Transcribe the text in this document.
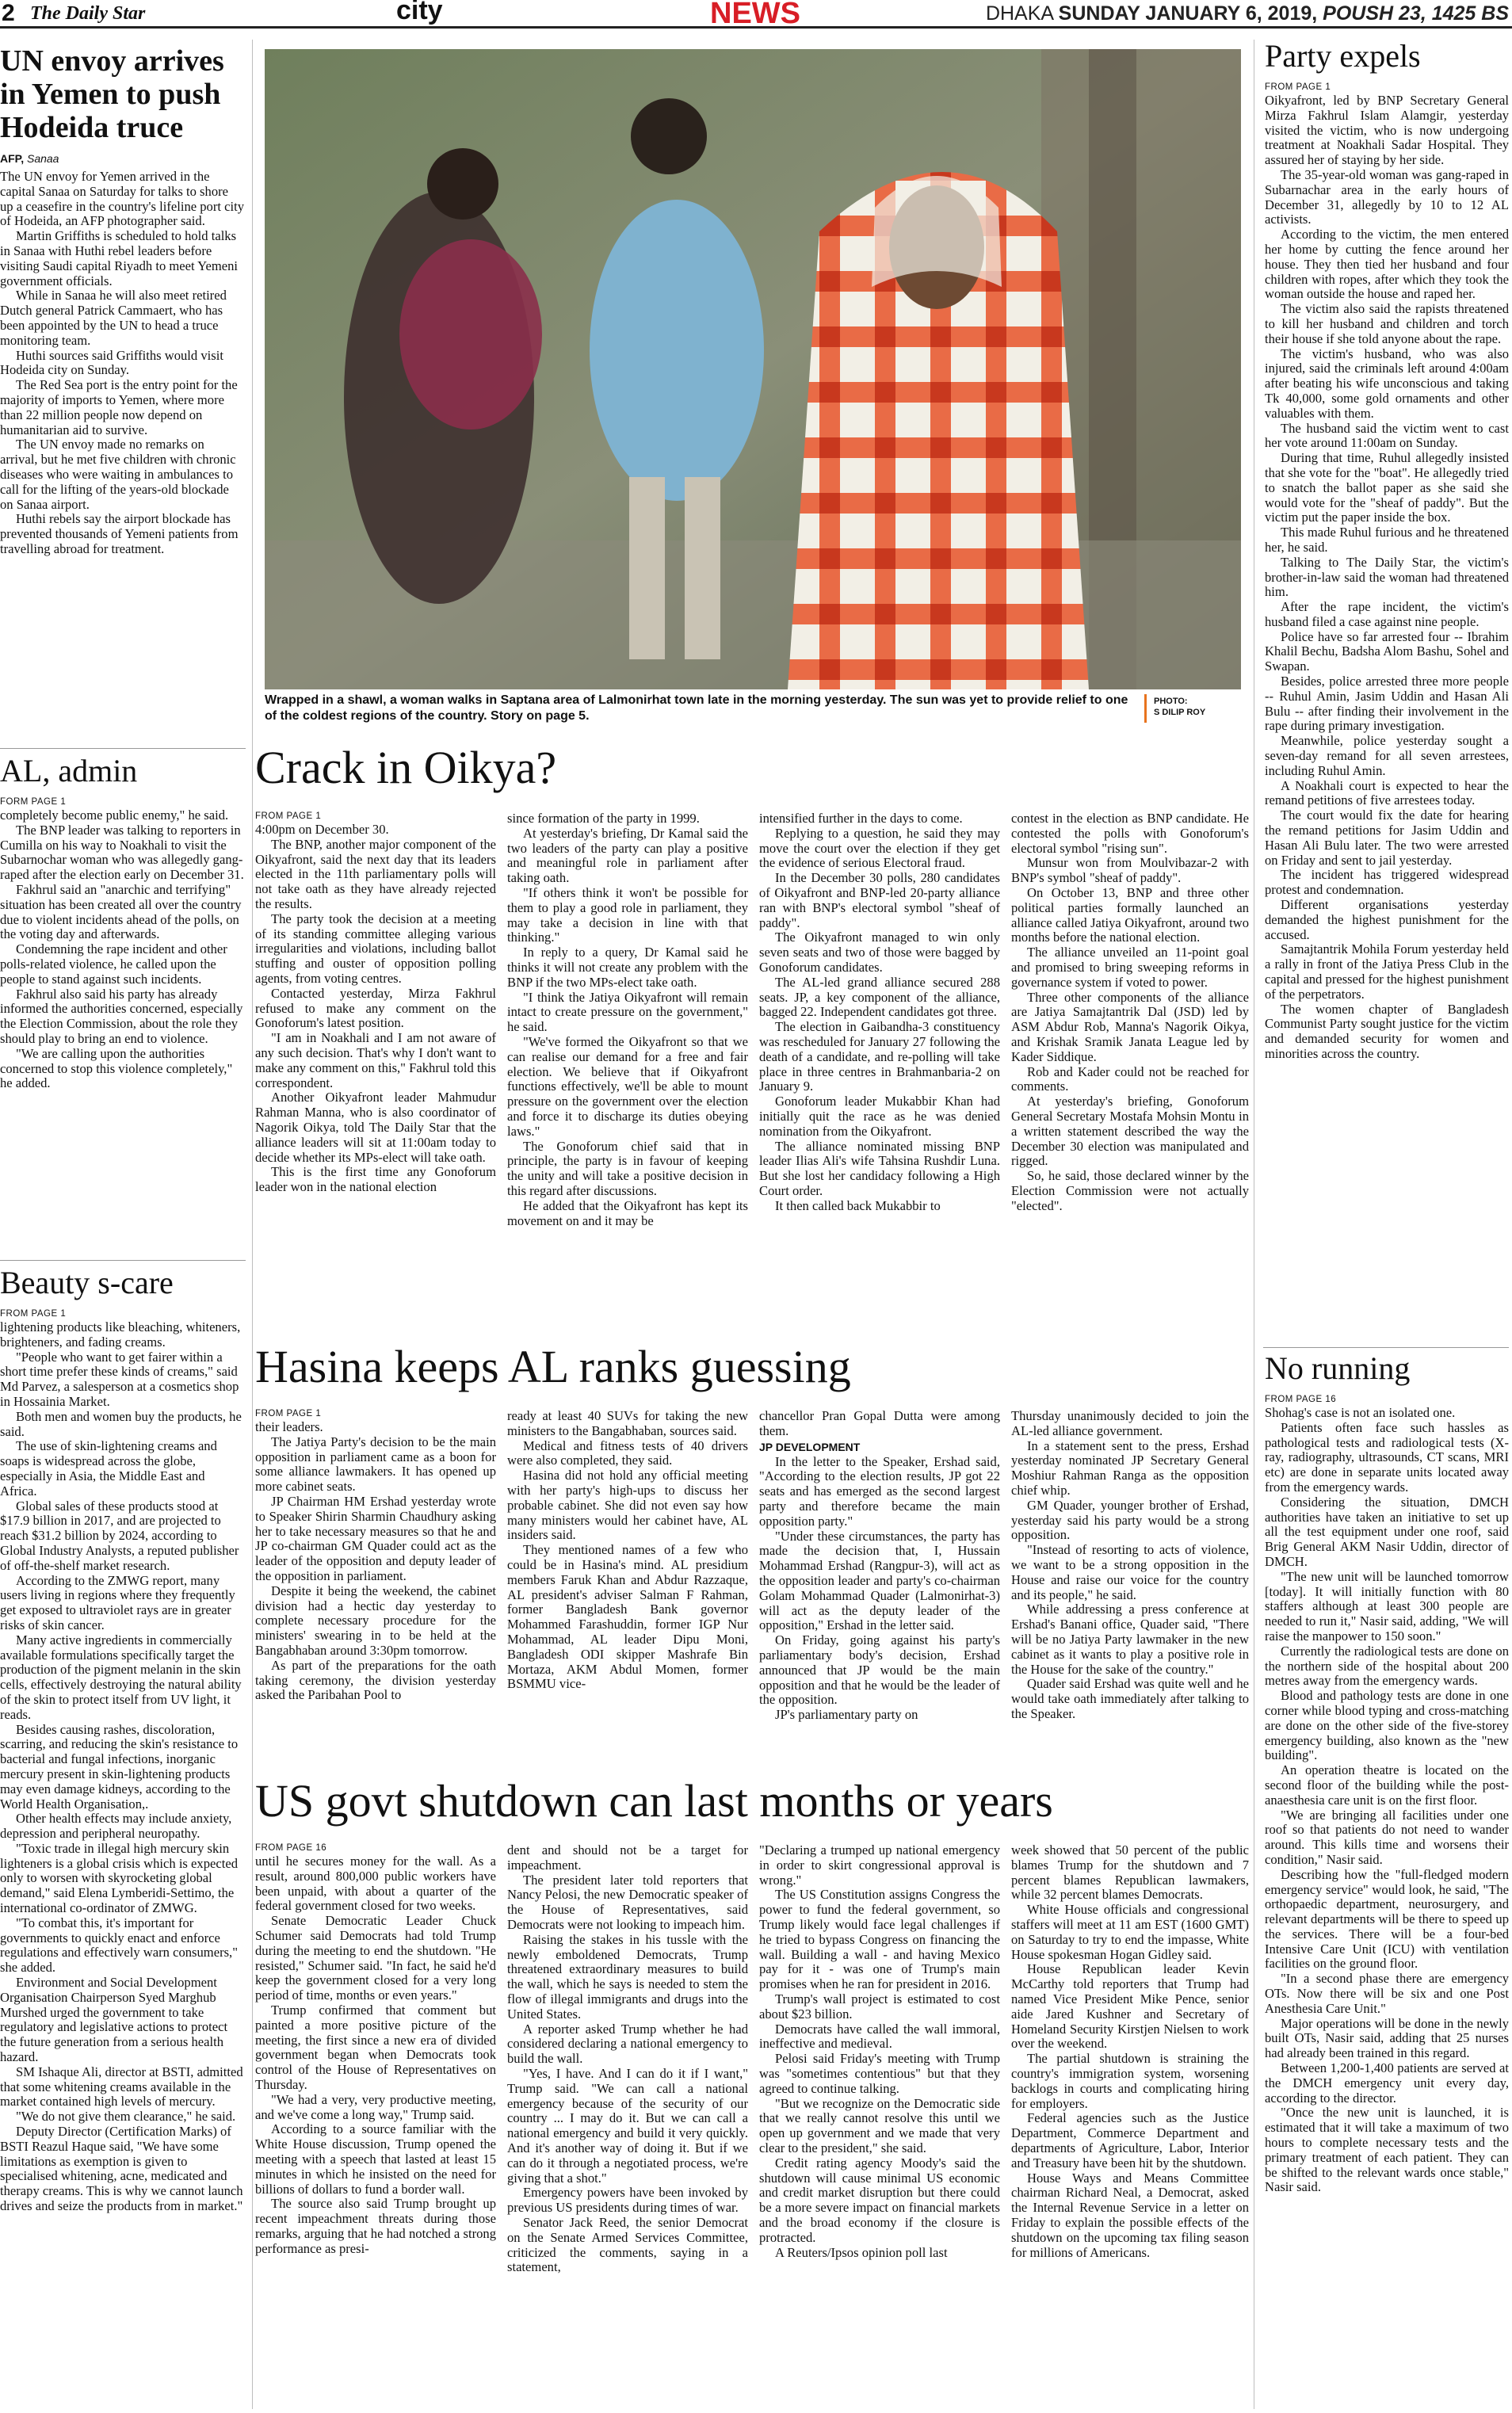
2 The Daily Star	city	NEWS	DHAKA SUNDAY JANUARY 6, 2019, POUSH 23, 1425 BS
UN envoy arrives in Yemen to push Hodeida truce
AFP, Sanaa

The UN envoy for Yemen arrived in the capital Sanaa on Saturday for talks to shore up a ceasefire in the country's lifeline port city of Hodeida, an AFP photographer said.

Martin Griffiths is scheduled to hold talks in Sanaa with Huthi rebel leaders before visiting Saudi capital Riyadh to meet Yemeni government officials.

While in Sanaa he will also meet retired Dutch general Patrick Cammaert, who has been appointed by the UN to head a truce monitoring team.

Huthi sources said Griffiths would visit Hodeida city on Sunday.

The Red Sea port is the entry point for the majority of imports to Yemen, where more than 22 million people now depend on humanitarian aid to survive.

The UN envoy made no remarks on arrival, but he met five children with chronic diseases who were waiting in ambulances to call for the lifting of the years-old blockade on Sanaa airport.

Huthi rebels say the airport blockade has prevented thousands of Yemeni patients from travelling abroad for treatment.

AL, admin
FORM PAGE 1

completely become public enemy," he said.

The BNP leader was talking to reporters in Cumilla on his way to Noakhali to visit the Subarnochar woman who was allegedly gang-raped after the election early on December 31.

Fakhrul said an "anarchic and terrifying" situation has been created all over the country due to violent incidents ahead of the polls, on the voting day and afterwards.

Condemning the rape incident and other polls-related violence, he called upon the people to stand against such incidents.

Fakhrul also said his party has already informed the authorities concerned, especially the Election Commission, about the role they should play to bring an end to violence.

"We are calling upon the authorities concerned to stop this violence completely," he added.

Beauty s-care
FROM PAGE 1

lightening products like bleaching, whiteners, brighteners, and fading creams.

"People who want to get fairer within a short time prefer these kinds of creams," said Md Parvez, a salesperson at a cosmetics shop in Hossainia Market.

Both men and women buy the products, he said.

The use of skin-lightening creams and soaps is widespread across the globe, especially in Asia, the Middle East and Africa.

Global sales of these products stood at $17.9 billion in 2017, and are projected to reach $31.2 billion by 2024, according to Global Industry Analysts, a reputed publisher of off-the-shelf market research.

According to the ZMWG report, many users living in regions where they frequently get exposed to ultraviolet rays are in greater risks of skin cancer.

Many active ingredients in commercially available formulations specifically target the production of the pigment melanin in the skin cells, effectively destroying the natural ability of the skin to protect itself from UV light, it reads.

Besides causing rashes, discoloration, scarring, and reducing the skin's resistance to bacterial and fungal infections, inorganic mercury present in skin-lightening products may even damage kidneys, according to the World Health Organisation,.

Other health effects may include anxiety, depression and peripheral neuropathy.

"Toxic trade in illegal high mercury skin lighteners is a global crisis which is expected only to worsen with skyrocketing global demand," said Elena Lymberidi-Settimo, the international co-ordinator of ZMWG.

"To combat this, it's important for governments to quickly enact and enforce regulations and effectively warn consumers," she added.

Environment and Social Development Organisation Chairperson Syed Marghub Murshed urged the government to take regulatory and legislative actions to protect the future generation from a serious health hazard.

SM Ishaque Ali, director at BSTI, admitted that some whitening creams available in the market contained high levels of mercury.

"We do not give them clearance," he said.

Deputy Director (Certification Marks) of BSTI Reazul Haque said, "We have some limitations as exemption is given to specialised whitening, acne, medicated and therapy creams. This is why we cannot launch drives and seize the products from in market."

Wrapped in a shawl, a woman walks in Saptana area of Lalmonirhat town late in the morning yesterday. The sun was yet to provide relief to one of the coldest regions of the country. Story on page 5.
PHOTO:
S DILIP ROY
Crack in Oikya?
FROM PAGE 1

4:00pm on December 30.

The BNP, another major component of the Oikyafront, said the next day that its leaders elected in the 11th parliamentary polls will not take oath as they have already rejected the results.

The party took the decision at a meeting of its standing committee alleging various irregularities and violations, including ballot stuffing and ouster of opposition polling agents, from voting centres.

Contacted yesterday, Mirza Fakhrul refused to make any comment on the Gonoforum's latest position.

"I am in Noakhali and I am not aware of any such decision. That's why I don't want to make any comment on this," Fakhrul told this correspondent.

Another Oikyafront leader Mahmudur Rahman Manna, who is also coordinator of Nagorik Oikya, told The Daily Star that the alliance leaders will sit at 11:00am today to decide whether its MPs-elect will take oath.

This is the first time any Gonoforum leader won in the national election

since formation of the party in 1999.

At yesterday's briefing, Dr Kamal said the two leaders of the party can play a positive and meaningful role in parliament after taking oath.

"If others think it won't be possible for them to play a good role in parliament, they may take a decision in line with that thinking."

In reply to a query, Dr Kamal said he thinks it will not create any problem with the BNP if the two MPs-elect take oath.

"I think the Jatiya Oikyafront will remain intact to create pressure on the government," he said.

"We've formed the Oikyafront so that we can realise our demand for a free and fair election. We believe that if Oikyafront functions effectively, we'll be able to mount pressure on the government over the election and force it to discharge its duties obeying laws."

The Gonoforum chief said that in principle, the party is in favour of keeping the unity and will take a positive decision in this regard after discussions.

He added that the Oikyafront has kept its movement on and it may be

intensified further in the days to come.

Replying to a question, he said they may move the court over the election if they get the evidence of serious Electoral fraud.

In the December 30 polls, 280 candidates of Oikyafront and BNP-led 20-party alliance ran with BNP's electoral symbol "sheaf of paddy".

The Oikyafront managed to win only seven seats and two of those were bagged by Gonoforum candidates.

The AL-led grand alliance secured 288 seats. JP, a key component of the alliance, bagged 22. Independent candidates got three.

The election in Gaibandha-3 constituency was rescheduled for January 27 following the death of a candidate, and re-polling will take place in three centres in Brahmanbaria-2 on January 9.

Gonoforum leader Mukabbir Khan had initially quit the race as he was denied nomination from the Oikyafront.

The alliance nominated missing BNP leader Ilias Ali's wife Tahsina Rushdir Luna. But she lost her candidacy following a High Court order.

It then called back Mukabbir to

contest in the election as BNP candidate. He contested the polls with Gonoforum's electoral symbol "rising sun".

Munsur won from Moulvibazar-2 with BNP's symbol "sheaf of paddy".

On October 13, BNP and three other political parties formally launched an alliance called Jatiya Oikyafront, around two months before the national election.

The alliance unveiled an 11-point goal and promised to bring sweeping reforms in governance system if voted to power.

Three other components of the alliance are Jatiya Samajtantrik Dal (JSD) led by ASM Abdur Rob, Manna's Nagorik Oikya, and Krishak Sramik Janata League led by Kader Siddique.

Rob and Kader could not be reached for comments.

At yesterday's briefing, Gonoforum General Secretary Mostafa Mohsin Montu in a written statement described the way the December 30 election was manipulated and rigged.

So, he said, those declared winner by the Election Commission were not actually "elected".

Hasina keeps AL ranks guessing
FROM PAGE 1

their leaders.

The Jatiya Party's decision to be the main opposition in parliament came as a boon for some alliance lawmakers. It has opened up more cabinet seats.

JP Chairman HM Ershad yesterday wrote to Speaker Shirin Sharmin Chaudhury asking her to take necessary measures so that he and JP co-chairman GM Quader could act as the leader of the opposition and deputy leader of the opposition in parliament.

Despite it being the weekend, the cabinet division had a hectic day yesterday to complete necessary procedure for the ministers' swearing in to be held at the Bangabhaban around 3:30pm tomorrow.

As part of the preparations for the oath taking ceremony, the division yesterday asked the Paribahan Pool to

ready at least 40 SUVs for taking the new ministers to the Bangabhaban, sources said.

Medical and fitness tests of 40 drivers were also completed, they said.

Hasina did not hold any official meeting with her party's high-ups to discuss her probable cabinet. She did not even say how many ministers would her cabinet have, AL insiders said.

They mentioned names of a few who could be in Hasina's mind. AL presidium members Faruk Khan and Abdur Razzaque, AL president's adviser Salman F Rahman, former Bangladesh Bank governor Mohammed Farashuddin, former IGP Nur Mohammad, AL leader Dipu Moni, Bangladesh ODI skipper Mashrafe Bin Mortaza, AKM Abdul Momen, former BSMMU vice-

chancellor Pran Gopal Dutta were among them.

JP DEVELOPMENT

In the letter to the Speaker, Ershad said, "According to the election results, JP got 22 seats and has emerged as the second largest party and therefore became the main opposition party."

"Under these circumstances, the party has made the decision that, I, Hussain Mohammad Ershad (Rangpur-3), will act as the opposition leader and party's co-chairman Golam Mohammad Quader (Lalmonirhat-3) will act as the deputy leader of the opposition," Ershad in the letter said.

On Friday, going against his party's parliamentary body's decision, Ershad announced that JP would be the main opposition and that he would be the leader of the opposition.

JP's parliamentary party on

Thursday unanimously decided to join the AL-led alliance government.

In a statement sent to the press, Ershad yesterday nominated JP Secretary General Moshiur Rahman Ranga as the opposition chief whip.

GM Quader, younger brother of Ershad, yesterday said his party would be a strong opposition.

"Instead of resorting to acts of violence, we want to be a strong opposition in the House and raise our voice for the country and its people," he said.

While addressing a press conference at Ershad's Banani office, Quader said, "There will be no Jatiya Party lawmaker in the new cabinet as it wants to play a positive role in the House for the sake of the country."

Quader said Ershad was quite well and he would take oath immediately after talking to the Speaker.

US govt shutdown can last months or years
FROM PAGE 16

until he secures money for the wall. As a result, around 800,000 public workers have been unpaid, with about a quarter of the federal government closed for two weeks.

Senate Democratic Leader Chuck Schumer said Democrats had told Trump during the meeting to end the shutdown. "He resisted," Schumer said. "In fact, he said he'd keep the government closed for a very long period of time, months or even years."

Trump confirmed that comment but painted a more positive picture of the meeting, the first since a new era of divided government began when Democrats took control of the House of Representatives on Thursday.

"We had a very, very productive meeting, and we've come a long way," Trump said.

According to a source familiar with the White House discussion, Trump opened the meeting with a speech that lasted at least 15 minutes in which he insisted on the need for billions of dollars to fund a border wall.

The source also said Trump brought up recent impeachment threats during those remarks, arguing that he had notched a strong performance as presi-

dent and should not be a target for impeachment.

The president later told reporters that Nancy Pelosi, the new Democratic speaker of the House of Representatives, said Democrats were not looking to impeach him.

Raising the stakes in his tussle with the newly emboldened Democrats, Trump threatened extraordinary measures to build the wall, which he says is needed to stem the flow of illegal immigrants and drugs into the United States.

A reporter asked Trump whether he had considered declaring a national emergency to build the wall.

"Yes, I have. And I can do it if I want," Trump said. "We can call a national emergency because of the security of our country ... I may do it. But we can call a national emergency and build it very quickly. And it's another way of doing it. But if we can do it through a negotiated process, we're giving that a shot."

Emergency powers have been invoked by previous US presidents during times of war.

Senator Jack Reed, the senior Democrat on the Senate Armed Services Committee, criticized the comments, saying in a statement,

"Declaring a trumped up national emergency in order to skirt congressional approval is wrong."

The US Constitution assigns Congress the power to fund the federal government, so Trump likely would face legal challenges if he tried to bypass Congress on financing the wall. Building a wall - and having Mexico pay for it - was one of Trump's main promises when he ran for president in 2016.

Trump's wall project is estimated to cost about $23 billion.

Democrats have called the wall immoral, ineffective and medieval.

Pelosi said Friday's meeting with Trump was "sometimes contentious" but that they agreed to continue talking.

"But we recognize on the Democratic side that we really cannot resolve this until we open up government and we made that very clear to the president," she said.

Credit rating agency Moody's said the shutdown will cause minimal US economic and credit market disruption but there could be a more severe impact on financial markets and the broad economy if the closure is protracted.

A Reuters/Ipsos opinion poll last

week showed that 50 percent of the public blames Trump for the shutdown and 7 percent blames Republican lawmakers, while 32 percent blames Democrats.

White House officials and congressional staffers will meet at 11 am EST (1600 GMT) on Saturday to try to end the impasse, White House spokesman Hogan Gidley said.

House Republican leader Kevin McCarthy told reporters that Trump had named Vice President Mike Pence, senior aide Jared Kushner and Secretary of Homeland Security Kirstjen Nielsen to work over the weekend.

The partial shutdown is straining the country's immigration system, worsening backlogs in courts and complicating hiring for employers.

Federal agencies such as the Justice Department, Commerce Department and departments of Agriculture, Labor, Interior and Treasury have been hit by the shutdown.

House Ways and Means Committee chairman Richard Neal, a Democrat, asked the Internal Revenue Service in a letter on Friday to explain the possible effects of the shutdown on the upcoming tax filing season for millions of Americans.

Party expels
FROM PAGE 1

Oikyafront, led by BNP Secretary General Mirza Fakhrul Islam Alamgir, yesterday visited the victim, who is now undergoing treatment at Noakhali Sadar Hospital. They assured her of staying by her side.

The 35-year-old woman was gang-raped in Subarnachar area in the early hours of December 31, allegedly by 10 to 12 AL activists.

According to the victim, the men entered her home by cutting the fence around her house. They then tied her husband and four children with ropes, after which they took the woman outside the house and raped her.

The victim also said the rapists threatened to kill her husband and children and torch their house if she told anyone about the rape.

The victim's husband, who was also injured, said the criminals left around 4:00am after beating his wife unconscious and taking Tk 40,000, some gold ornaments and other valuables with them.

The husband said the victim went to cast her vote around 11:00am on Sunday.

During that time, Ruhul allegedly insisted that she vote for the "boat". He allegedly tried to snatch the ballot paper as she said she would vote for the "sheaf of paddy". But the victim put the paper inside the box.

This made Ruhul furious and he threatened her, he said.

Talking to The Daily Star, the victim's brother-in-law said the woman had threatened him.

After the rape incident, the victim's husband filed a case against nine people.

Police have so far arrested four -- Ibrahim Khalil Bechu, Badsha Alom Bashu, Sohel and Swapan.

Besides, police arrested three more people -- Ruhul Amin, Jasim Uddin and Hasan Ali Bulu -- after finding their involvement in the rape during primary investigation.

Meanwhile, police yesterday sought a seven-day remand for all seven arrestees, including Ruhul Amin.

A Noakhali court is expected to hear the remand petitions of five arrestees today.

The court would fix the date for hearing the remand petitions for Jasim Uddin and Hasan Ali Bulu later. The two were arrested on Friday and sent to jail yesterday.

The incident has triggered widespread protest and condemnation.

Different organisations yesterday demanded the highest punishment for the accused.

Samajtantrik Mohila Forum yesterday held a rally in front of the Jatiya Press Club in the capital and pressed for the highest punishment of the perpetrators.

The women chapter of Bangladesh Communist Party sought justice for the victim and demanded security for women and minorities across the country.

No running
FROM PAGE 16

Shohag's case is not an isolated one.

Patients often face such hassles as pathological tests and radiological tests (X-ray, radiography, ultrasounds, CT scans, MRI etc) are done in separate units located away from the emergency wards.

Considering the situation, DMCH authorities have taken an initiative to set up all the test equipment under one roof, said Brig General AKM Nasir Uddin, director of DMCH.

"The new unit will be launched tomorrow [today]. It will initially function with 80 staffers although at least 300 people are needed to run it," Nasir said, adding, "We will raise the manpower to 150 soon."

Currently the radiological tests are done on the northern side of the hospital about 200 metres away from the emergency wards.

Blood and pathology tests are done in one corner while blood typing and cross-matching are done on the other side of the five-storey emergency building, also known as the "new building".

An operation theatre is located on the second floor of the building while the post-anaesthesia care unit is on the first floor.

"We are bringing all facilities under one roof so that patients do not need to wander around. This kills time and worsens their condition," Nasir said.

Describing how the "full-fledged modern emergency service" would look, he said, "The orthopaedic department, neurosurgery, and relevant departments will be there to speed up the services. There will be a four-bed Intensive Care Unit (ICU) with ventilation facilities on the ground floor.

"In a second phase there are emergency OTs. Now there will be six and one Post Anesthesia Care Unit."

Major operations will be done in the newly built OTs, Nasir said, adding that 25 nurses had already been trained in this regard.

Between 1,200-1,400 patients are served at the DMCH emergency unit every day, according to the director.

"Once the new unit is launched, it is estimated that it will take a maximum of two hours to complete necessary tests and the primary treatment of each patient. They can be shifted to the relevant wards once stable," Nasir said.
